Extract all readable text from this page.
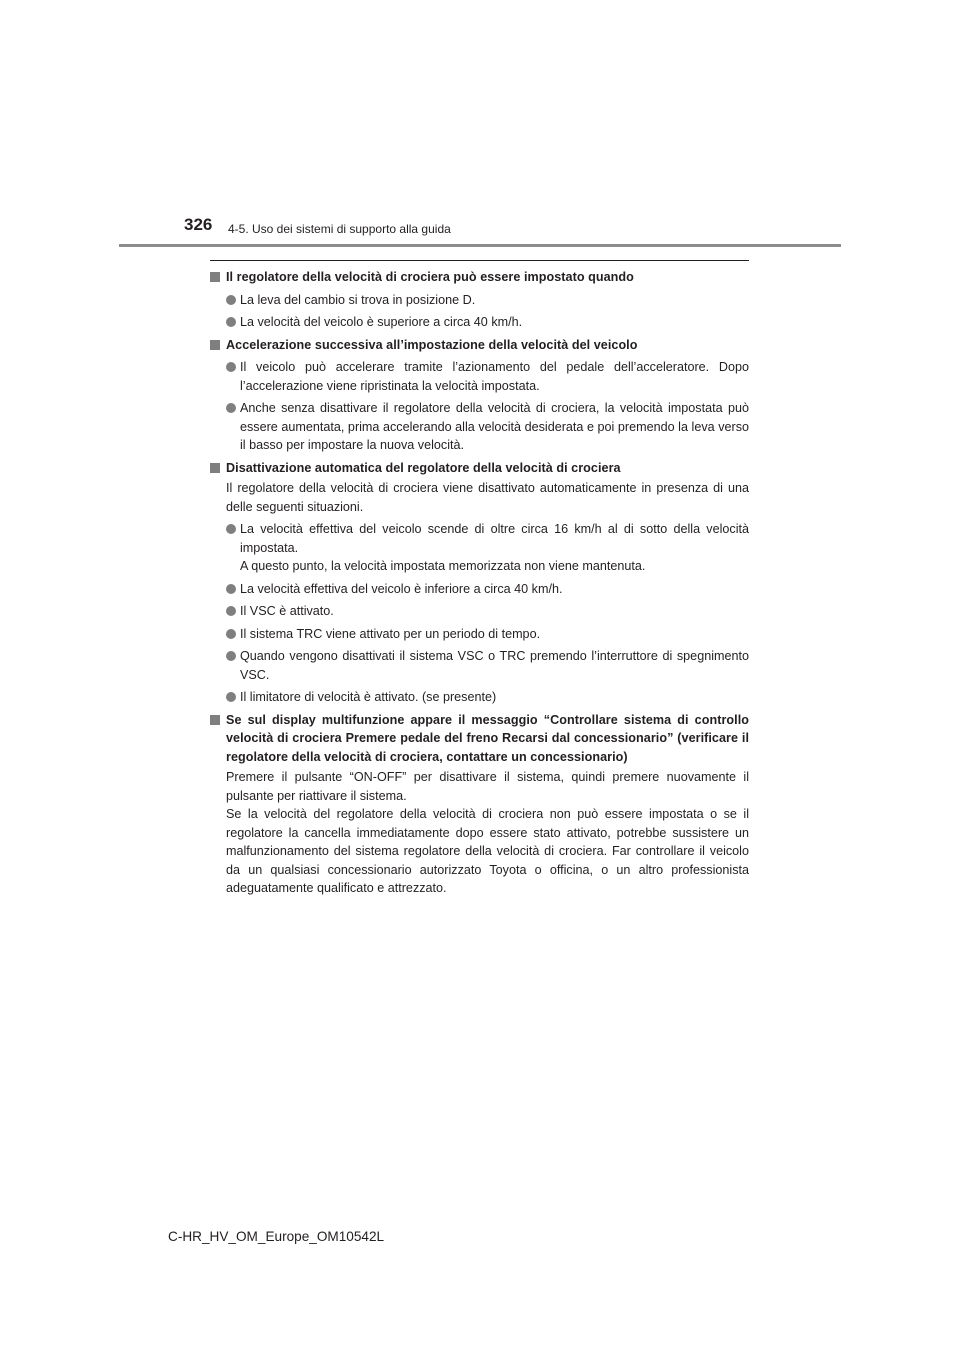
326 4-5. Uso dei sistemi di supporto alla guida
Il regolatore della velocità di crociera può essere impostato quando
La leva del cambio si trova in posizione D.
La velocità del veicolo è superiore a circa 40 km/h.
Accelerazione successiva all’impostazione della velocità del veicolo
Il veicolo può accelerare tramite l’azionamento del pedale dell’acceleratore. Dopo l’accelerazione viene ripristinata la velocità impostata.
Anche senza disattivare il regolatore della velocità di crociera, la velocità impostata può essere aumentata, prima accelerando alla velocità desiderata e poi premendo la leva verso il basso per impostare la nuova velocità.
Disattivazione automatica del regolatore della velocità di crociera
Il regolatore della velocità di crociera viene disattivato automaticamente in presenza di una delle seguenti situazioni.
La velocità effettiva del veicolo scende di oltre circa 16 km/h al di sotto della velocità impostata.
A questo punto, la velocità impostata memorizzata non viene mantenuta.
La velocità effettiva del veicolo è inferiore a circa 40 km/h.
Il VSC è attivato.
Il sistema TRC viene attivato per un periodo di tempo.
Quando vengono disattivati il sistema VSC o TRC premendo l’interruttore di spegnimento VSC.
Il limitatore di velocità è attivato. (se presente)
Se sul display multifunzione appare il messaggio “Controllare sistema di controllo velocità di crociera Premere pedale del freno Recarsi dal concessionario” (verificare il regolatore della velocità di crociera, contattare un concessionario)
Premere il pulsante “ON-OFF” per disattivare il sistema, quindi premere nuovamente il pulsante per riattivare il sistema.
Se la velocità del regolatore della velocità di crociera non può essere impostata o se il regolatore la cancella immediatamente dopo essere stato attivato, potrebbe sussistere un malfunzionamento del sistema regolatore della velocità di crociera. Far controllare il veicolo da un qualsiasi concessionario autorizzato Toyota o officina, o un altro professionista adeguatamente qualificato e attrezzato.
C-HR_HV_OM_Europe_OM10542L
